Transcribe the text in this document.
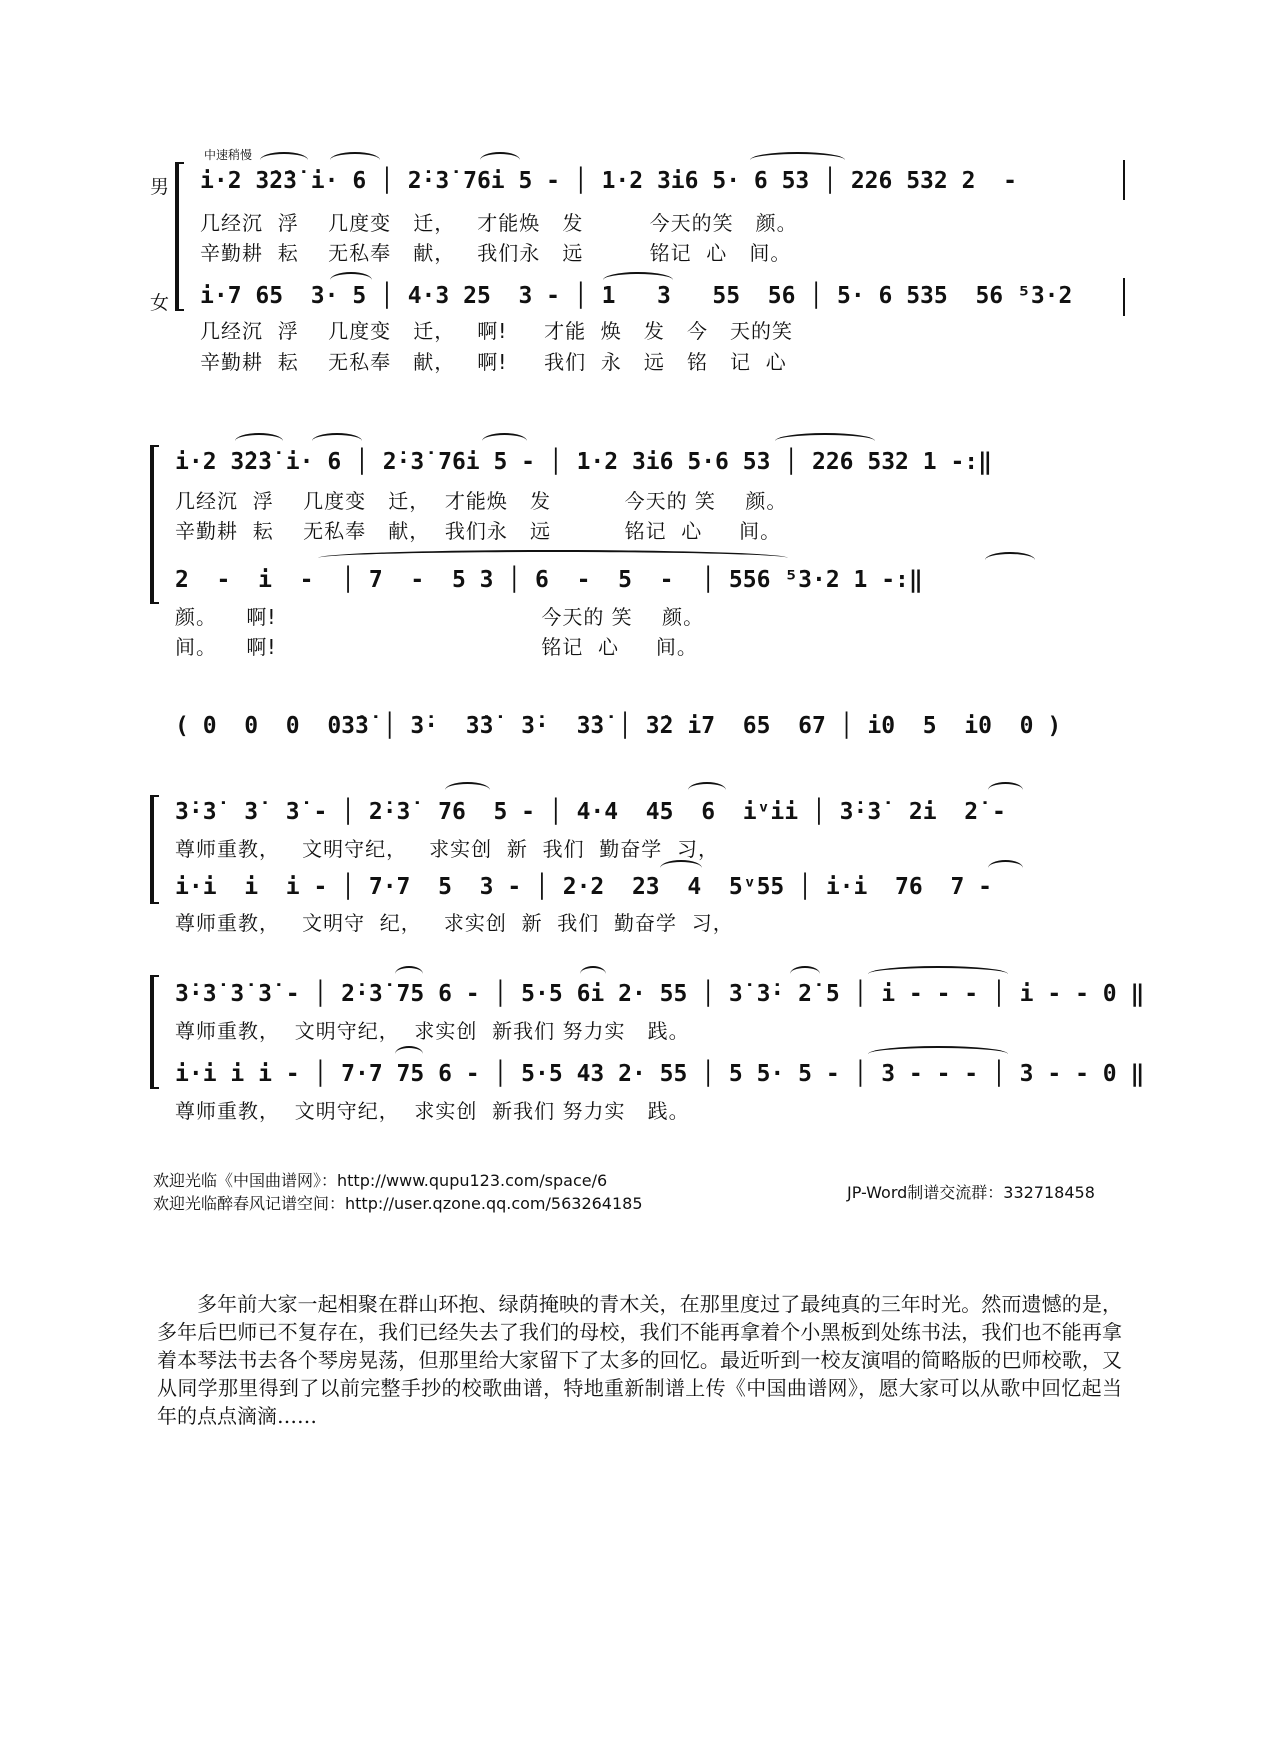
中速稍慢
男
女
i·2 3̇2̇3̇ i· 6 │ 2̇·3̇ 76i 5 - │ 1·2 3i6 5· 6 53 │ 226 532 2  -
几经沉  浮    几度变   迁，   才能焕   发         今天的笑   颜。
辛勤耕  耘    无私奉   献，   我们永   远         铭记  心   间。
i·7 65  3· 5 │ 4·3 25  3 - │ 1   3   55  56 │ 5· 6 535  56 ⁵3·2
几经沉  浮    几度变   迁，   啊!     才能  焕   发   今   天的笑
辛勤耕  耘    无私奉   献，   啊!     我们  永   远   铭   记  心
i·2 3̇2̇3̇ i· 6 │ 2̇·3̇ 76i 5 - │ 1·2 3i6 5·6 53 │ 226 532 1 -:‖
几经沉  浮    几度变   迁，  才能焕   发          今天的 笑    颜。
辛勤耕  耘    无私奉   献，  我们永   远          铭记  心     间。
2  -  i  -  │ 7  -  5 3 │ 6  -  5  -  │ 556 ⁵3·2 1 -:‖
颜。    啊!                                    今天的 笑    颜。
间。    啊!                                    铭记  心     间。
( 0  0  0  03̇3̇ │ 3̇·  3̇3̇  3̇·  3̇3̇ │ 3̇2 i7  65  67 │ i0  5  i0  0 )
3̇·3̇  3̇  3̇ - │ 2̇·3̇  76  5 - │ 4·4  45  6  iᵛii │ 3̇·3̇  2̇i  2̇ -
尊师重教，   文明守纪，   求实创  新  我们  勤奋学  习，
i·i  i  i - │ 7·7  5  3 - │ 2·2  23  4  5ᵛ55 │ i·i  76  7 -
尊师重教，   文明守  纪，   求实创  新  我们  勤奋学  习，
3̇·3̇ 3̇ 3̇ - │ 2̇·3̇ 75 6 - │ 5·5 6i 2· 55 │ 3̇ 3̇· 2̇ 5 │ i - - - │ i - - 0 ‖
尊师重教，  文明守纪，  求实创  新我们 努力实   践。
i·i i i - │ 7·7 75 6 - │ 5·5 43 2· 55 │ 5 5· 5 - │ 3 - - - │ 3 - - 0 ‖
尊师重教，  文明守纪，  求实创  新我们 努力实   践。
欢迎光临《中国曲谱网》：http://www.qupu123.com/space/6
欢迎光临醉春风记谱空间：http://user.qzone.qq.com/563264185
JP-Word制谱交流群：332718458
多年前大家一起相聚在群山环抱、绿荫掩映的青木关，在那里度过了最纯真的三年时光。然而遗憾的是，多年后巴师已不复存在，我们已经失去了我们的母校，我们不能再拿着个小黑板到处练书法，我们也不能再拿着本琴法书去各个琴房晃荡，但那里给大家留下了太多的回忆。最近听到一校友演唱的简略版的巴师校歌，又从同学那里得到了以前完整手抄的校歌曲谱，特地重新制谱上传《中国曲谱网》，愿大家可以从歌中回忆起当年的点点滴滴……
